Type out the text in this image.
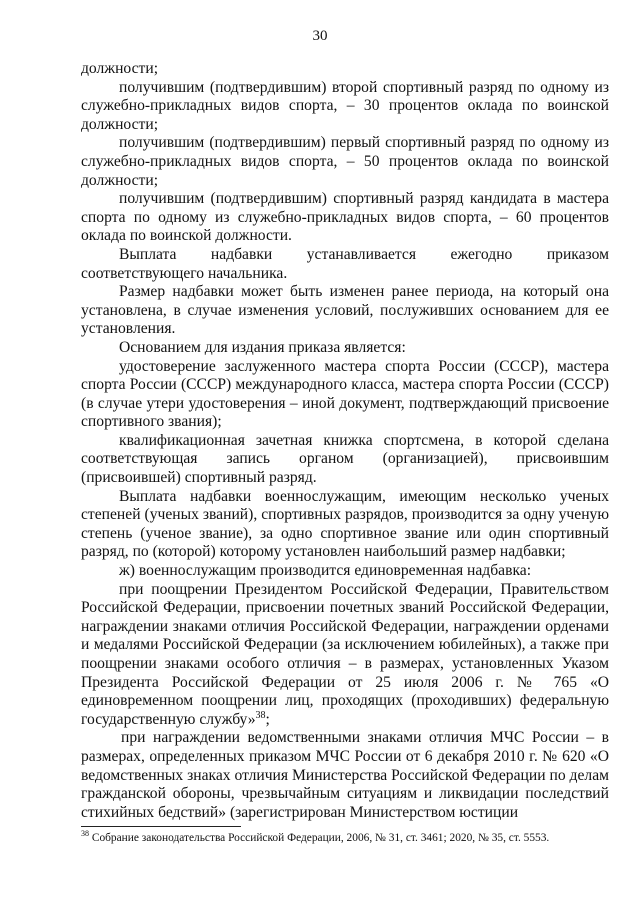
30

должности;

получившим (подтвердившим) второй спортивный разряд по одному из служебно-прикладных видов спорта, – 30 процентов оклада по воинской должности;

получившим (подтвердившим) первый спортивный разряд по одному из служебно-прикладных видов спорта, – 50 процентов оклада по воинской должности;

получившим (подтвердившим) спортивный разряд кандидата в мастера спорта по одному из служебно-прикладных видов спорта, – 60 процентов оклада по воинской должности.

Выплата надбавки устанавливается ежегодно приказом соответствующего начальника.

Размер надбавки может быть изменен ранее периода, на который она установлена, в случае изменения условий, послуживших основанием для ее установления.

Основанием для издания приказа является:

удостоверение заслуженного мастера спорта России (СССР), мастера спорта России (СССР) международного класса, мастера спорта России (СССР) (в случае утери удостоверения – иной документ, подтверждающий присвоение спортивного звания);

квалификационная зачетная книжка спортсмена, в которой сделана соответствующая запись органом (организацией), присвоившим (присвоившей) спортивный разряд.

Выплата надбавки военнослужащим, имеющим несколько ученых степеней (ученых званий), спортивных разрядов, производится за одну ученую степень (ученое звание), за одно спортивное звание или один спортивный разряд, по (которой) которому установлен наибольший размер надбавки;

ж) военнослужащим производится единовременная надбавка:

при поощрении Президентом Российской Федерации, Правительством Российской Федерации, присвоении почетных званий Российской Федерации, награждении знаками отличия Российской Федерации, награждении орденами и медалями Российской Федерации (за исключением юбилейных), а также при поощрении знаками особого отличия – в размерах, установленных Указом Президента Российской Федерации от 25 июля 2006 г. № 765 «О единовременном поощрении лиц, проходящих (проходивших) федеральную государственную службу»$^{38}$;

при награждении ведомственными знаками отличия МЧС России – в размерах, определенных приказом МЧС России от 6 декабря 2010 г. № 620 «О ведомственных знаках отличия Министерства Российской Федерации по делам гражданской обороны, чрезвычайным ситуациям и ликвидации последствий стихийных бедствий» (зарегистрирован Министерством юстиции

$^{38}$ Собрание законодательства Российской Федерации, 2006, № 31, ст. 3461; 2020, № 35, ст. 5553.
